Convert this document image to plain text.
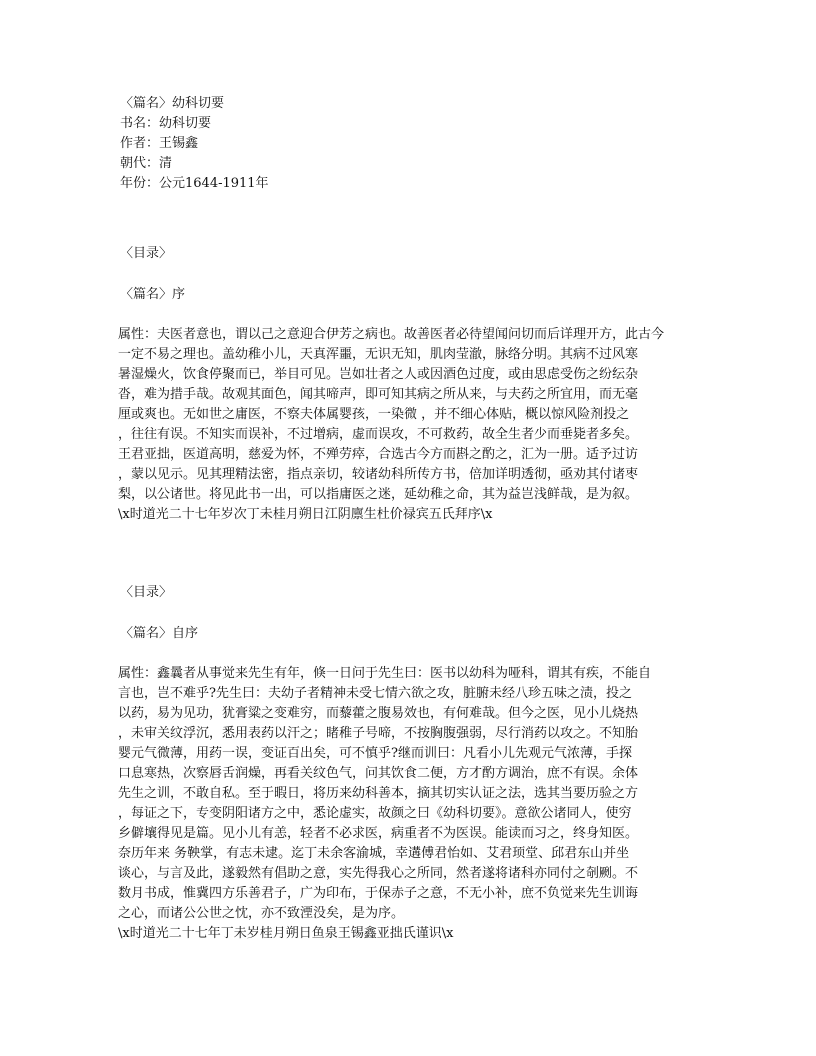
〈篇名〉幼科切要

书名：幼科切要

作者：王锡鑫

朝代：清

年份：公元1644-1911年

〈目录〉

〈篇名〉序

属性：夫医者意也，谓以己之意迎合伊芳之病也。故善医者必待望闻问切而后详理开方，此古今

一定不易之理也。盖幼稚小儿，天真浑噩，无识无知，肌肉莹澈，脉络分明。其病不过风寒

暑湿燥火，饮食停聚而已，举目可见。岂如壮者之人或因酒色过度，或由思虑受伤之纷纭杂

沓，难为措手哉。故观其面色，闻其啼声，即可知其病之所从来，与夫药之所宜用，而无毫

厘或爽也。无如世之庸医，不察夫体属婴孩，一染微 ，并不细心体贴，概以惊风险剂投之

，往往有误。不知实而误补，不过增病，虚而误攻，不可救药，故全生者少而垂毙者多矣。

王君亚拙，医道高明，慈爱为怀，不殚劳瘁，合选古今方而斟之酌之，汇为一册。适予过访

，蒙以见示。见其理精法密，指点亲切，较诸幼科所传方书，倍加详明透彻，亟劝其付诸枣

梨，以公诸世。将见此书一出，可以指庸医之迷，延幼稚之命，其为益岂浅鲜哉，是为叙。

\x时道光二十七年岁次丁未桂月朔日江阴廪生杜价禄宾五氏拜序\x

〈目录〉

〈篇名〉自序

属性：鑫曩者从事觉来先生有年，倏一日问于先生曰：医书以幼科为哑科，谓其有疾，不能自

言也，岂不难乎?先生曰：夫幼子者精神未受七情六欲之攻，脏腑未经八珍五味之渍，投之

以药，易为见功，犹膏粱之变难穷，而藜藿之腹易效也，有何难哉。但今之医，见小儿烧热

，未审关纹浮沉，悉用表药以汗之；睹稚子号啼，不按胸腹强弱，尽行消药以攻之。不知胎

婴元气微薄，用药一误，变证百出矣，可不慎乎?继而训曰：凡看小儿先观元气浓薄，手探

口息寒热，次察唇舌润燥，再看关纹色气，问其饮食二便，方才酌方调治，庶不有误。余体

先生之训，不敢自私。至于暇日，将历来幼科善本，摘其切实认证之法，选其当要历验之方

，每证之下，专变阴阳诸方之中，悉论虚实，故颜之曰《幼科切要》。意欲公诸同人，使穷

乡僻壤得见是篇。见小儿有恙，轻者不必求医，病重者不为医误。能读而习之，终身知医。

奈历年来 务鞅掌，有志未逮。迄丁未余客渝城，幸遘傅君怡如、艾君顼堂、邱君东山并坐

谈心，与言及此，遂毅然有倡助之意，实先得我心之所同，然者遂将诸科亦同付之剞劂。不

数月书成，惟冀四方乐善君子，广为印布，于保赤子之意，不无小补，庶不负觉来先生训诲

之心，而诸公公世之忱，亦不致湮没矣，是为序。

\x时道光二十七年丁未岁桂月朔日鱼泉王锡鑫亚拙氏谨识\x
